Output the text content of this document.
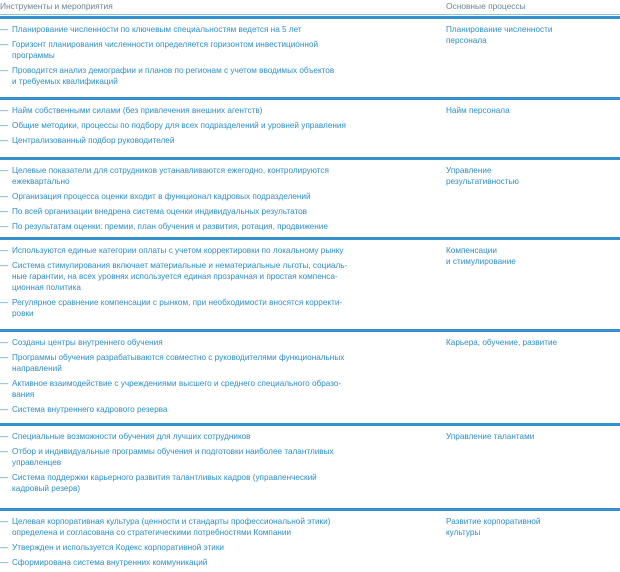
Инструменты и мероприятия	Основные процессы
— Планирование численности по ключевым специальностям ведется на 5 лет
— Горизонт планирования численности определяется горизонтом инвестиционной
программы
— Проводится анализ демографии и планов по регионам с учетом вводимых объектов
и требуемых квалификаций
Планирование численности
персонала
— Найм собственными силами (без привлечения внешних агентств)
— Общие методики, процессы по подбору для всех подразделений и уровней управления
— Централизованный подбор руководителей
Найм персонала
— Целевые показатели для сотрудников устанавливаются ежегодно, контролируются
ежеквартально
— Организация процесса оценки входит в функционал кадровых подразделений
— По всей организации внедрена система оценки индивидуальных результатов
— По результатам оценки: премии, план обучения и развития, ротация, продвижение
Управление
результативностью
— Используются единые категории оплаты с учетом корректировки по локальному рынку
— Система стимулирования включает материальные и нематериальные льготы, социаль-
ные гарантии, на всех уровнях используется единая прозрачная и простая компенса-
ционная политика
— Регулярное сравнение компенсации с рынком, при необходимости вносятся корректи-
ровки
Компенсации
и стимулирование
— Созданы центры внутреннего обучения
— Программы обучения разрабатываются совместно с руководителями функциональных
направлений
— Активное взаимодействие с учреждениями высшего и среднего специального образо-
вания
— Система внутреннего кадрового резерва
Карьера, обучение, развитие
— Специальные возможности обучения для лучших сотрудников
— Отбор и индивидуальные программы обучения и подготовки наиболее талантливых
управленцев
— Система поддержки карьерного развития талантливых кадров (управленческий
кадровый резерв)
Управление талантами
— Целевая корпоративная культура (ценности и стандарты профессиональной этики)
определена и согласована со стратегическими потребностями Компании
— Утвержден и используется Кодекс корпоративной этики
— Сформирована система внутренних коммуникаций
Развитие корпоративной
культуры
